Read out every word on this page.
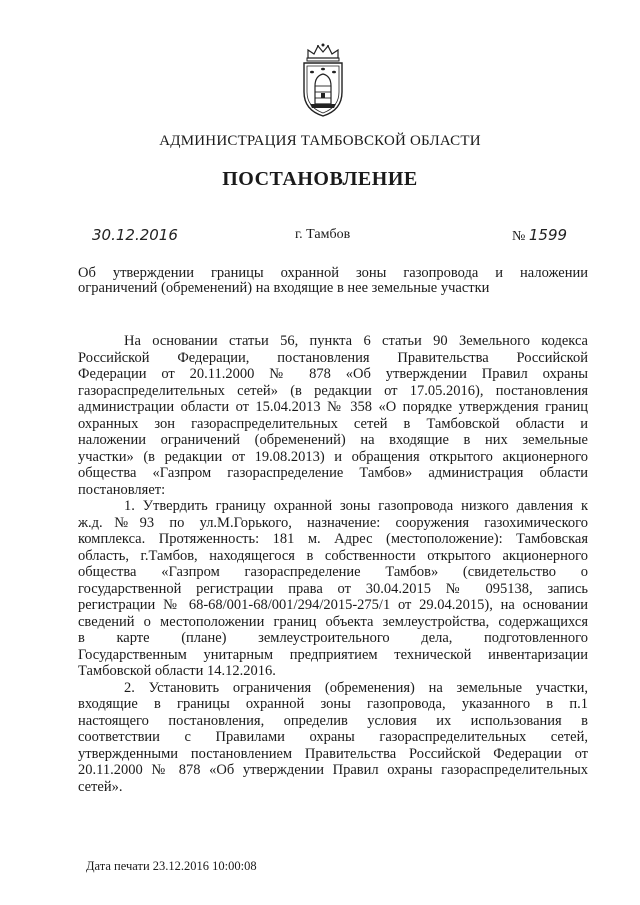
АДМИНИСТРАЦИЯ ТАМБОВСКОЙ ОБЛАСТИ
ПОСТАНОВЛЕНИЕ
30.12.2016	г. Тамбов	№ 1599
Об утверждении границы охранной зоны газопровода и наложении
ограничений (обременений) на входящие в нее земельные участки
На основании статьи 56, пункта 6 статьи 90 Земельного кодекса
Российской Федерации, постановления Правительства Российской
Федерации от 20.11.2000 № 878 «Об утверждении Правил охраны
газораспределительных сетей» (в редакции от 17.05.2016), постановления
администрации области от 15.04.2013 № 358 «О порядке утверждения границ
охранных зон газораспределительных сетей в Тамбовской области и
наложении ограничений (обременений) на входящие в них земельные
участки» (в редакции от 19.08.2013) и обращения открытого акционерного
общества «Газпром газораспределение Тамбов» администрация области
постановляет:
1. Утвердить границу охранной зоны газопровода низкого давления к
ж.д.№93 по ул.М.Горького, назначение: сооружения газохимического
комплекса. Протяженность: 181 м. Адрес (местоположение): Тамбовская
область, г.Тамбов, находящегося в собственности открытого акционерного
общества «Газпром газораспределение Тамбов» (свидетельство о
государственной регистрации права от 30.04.2015 № 095138, запись
регистрации № 68-68/001-68/001/294/2015-275/1 от 29.04.2015), на основании
сведений о местоположении границ объекта землеустройства, содержащихся
в карте (плане) землеустроительного дела, подготовленного
Государственным унитарным предприятием технической инвентаризации
Тамбовской области 14.12.2016.
2. Установить ограничения (обременения) на земельные участки,
входящие в границы охранной зоны газопровода, указанного в п.1
настоящего постановления, определив условия их использования в
соответствии с Правилами охраны газораспределительных сетей,
утвержденными постановлением Правительства Российской Федерации от
20.11.2000 № 878 «Об утверждении Правил охраны газораспределительных
сетей».
Дата печати 23.12.2016 10:00:08
